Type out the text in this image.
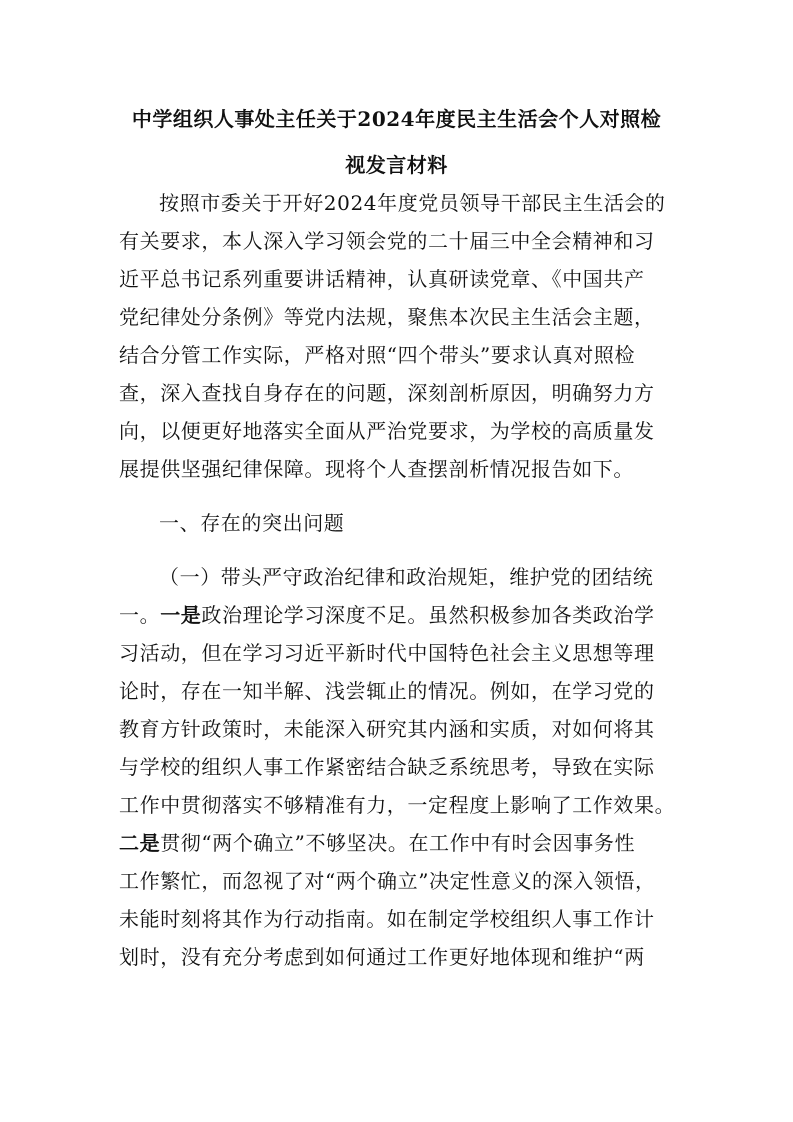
中学组织人事处主任关于2024年度民主生活会个人对照检

视发言材料

按照市委关于开好2024年度党员领导干部民主生活会的

有关要求，本人深入学习领会党的二十届三中全会精神和习

近平总书记系列重要讲话精神，认真研读党章、《中国共产

党纪律处分条例》等党内法规，聚焦本次民主生活会主题，

结合分管工作实际，严格对照“四个带头”要求认真对照检

查，深入查找自身存在的问题，深刻剖析原因，明确努力方

向，以便更好地落实全面从严治党要求，为学校的高质量发

展提供坚强纪律保障。现将个人查摆剖析情况报告如下。

一、存在的突出问题

（一）带头严守政治纪律和政治规矩，维护党的团结统

一。一是政治理论学习深度不足。虽然积极参加各类政治学

习活动，但在学习习近平新时代中国特色社会主义思想等理

论时，存在一知半解、浅尝辄止的情况。例如，在学习党的

教育方针政策时，未能深入研究其内涵和实质，对如何将其

与学校的组织人事工作紧密结合缺乏系统思考，导致在实际

工作中贯彻落实不够精准有力，一定程度上影响了工作效果。

二是贯彻“两个确立”不够坚决。在工作中有时会因事务性

工作繁忙，而忽视了对“两个确立”决定性意义的深入领悟，

未能时刻将其作为行动指南。如在制定学校组织人事工作计

划时，没有充分考虑到如何通过工作更好地体现和维护“两
